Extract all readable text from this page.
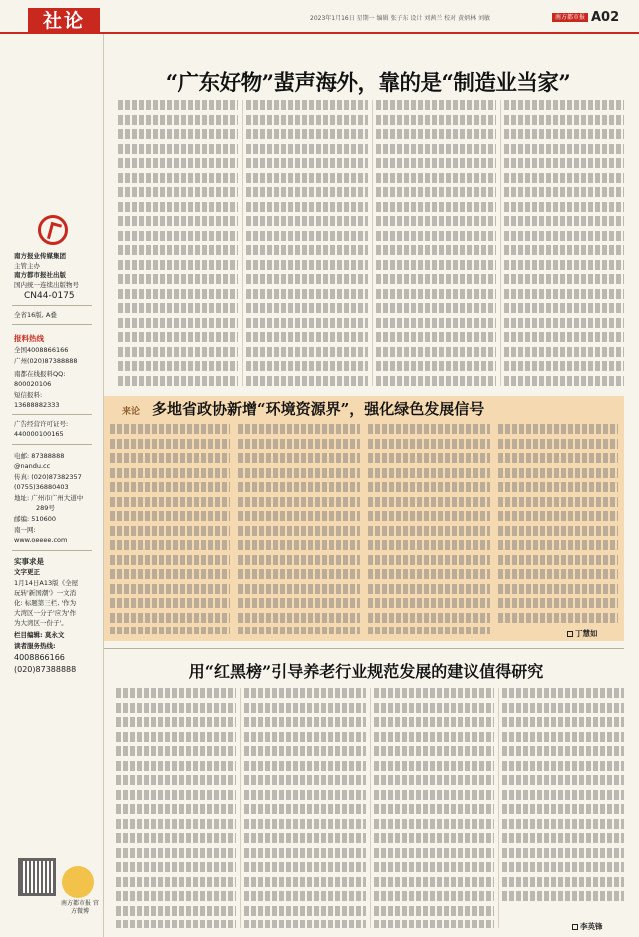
社论	2023年1月16日 星期一 编辑 张子东 设计 刘茜兰 校对 黄炳林 刘敏	南方都市报 A02
南方报业传媒集团
主管主办
南方都市报社出版
国内统一连续出版物号
CN44-0175
全省16版, A叠
报料热线
全国4008866166
广州(020)87388888
南都在线报料QQ:
800020106
短信报料:
13688882333
广告经营许可证号:
440000100165
电邮: 87388888
@nandu.cc
传真: (020)87382357
(0755)36880403
地址: 广州市广州大道中
289号
邮编: 510600
南一网:
www.oeeee.com
实事求是
文字更正
1月14日A13版《全屋
玩转'新国潮'》一文消
化: 标题第三栏, '作为
大湾区一分子'应为'作
为大湾区一份子'。
栏目编辑: 莫永文
读者服务热线:
4008866166
(020)87388888
南方都市报 官方微博
“广东好物”蜚声海外，靠的是“制造业当家”
来论 多地省政协新增“环境资源界”，强化绿色发展信号
丁慧如
用“红黑榜”引导养老行业规范发展的建议值得研究
李英锋
